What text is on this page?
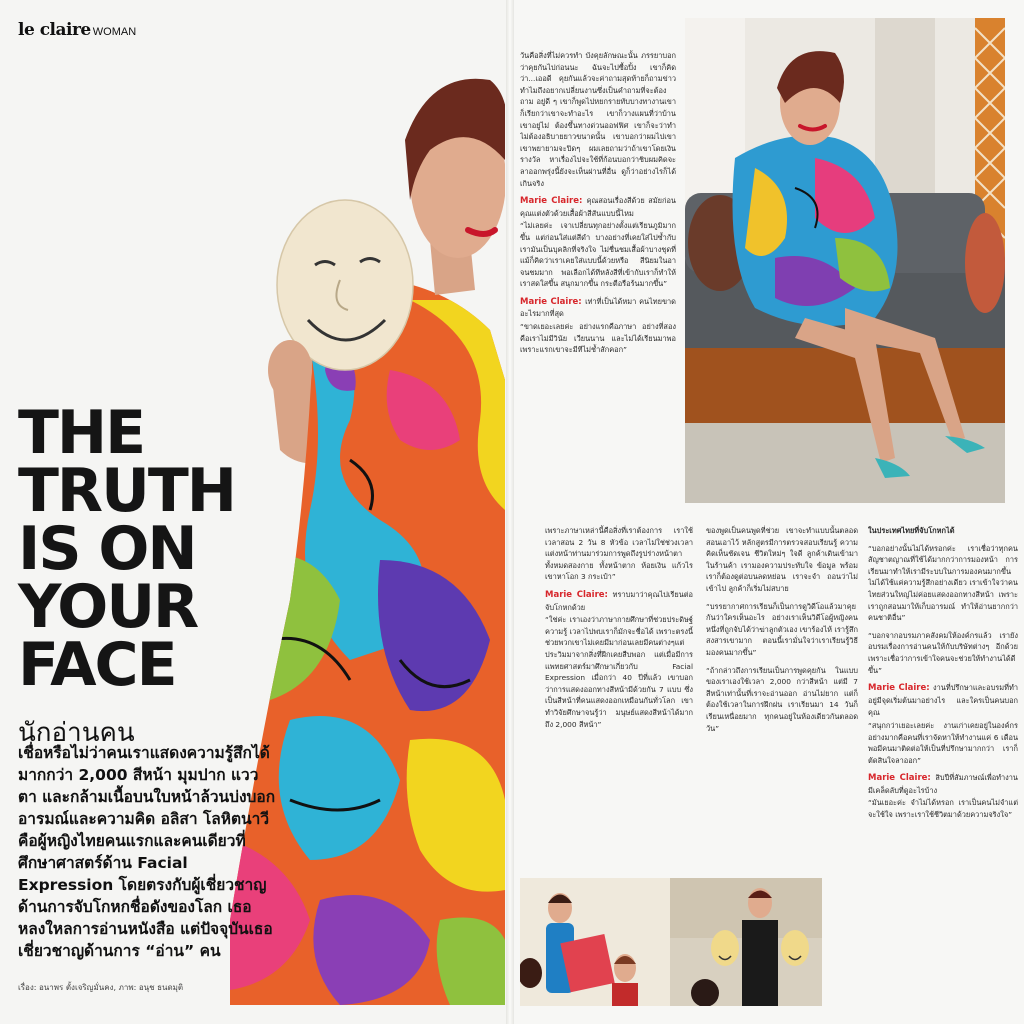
le claire WOMAN
THE
TRUTH
IS ON
YOUR
FACE
นักอ่านคน
เชื่อหรือไม่ว่าคนเราแสดงความรู้สึกได้มากกว่า 2,000 สีหน้า มุมปาก แววตา และกล้ามเนื้อบนใบหน้าล้วนบ่งบอกอารมณ์และความคิด อลิสา โลหิตนาวี คือผู้หญิงไทยคนแรกและคนเดียวที่ศึกษาศาสตร์ด้าน Facial Expression โดยตรงกับผู้เชี่ยวชาญด้านการจับโกหกชื่อดังของโลก เธอหลงใหลการอ่านหนังสือ แต่ปัจจุบันเธอเชี่ยวชาญด้านการ “อ่าน” คน
เรื่อง: อนาพร ตั้งเจริญมั่นคง, ภาพ: อนุช ธนดมุติ

วันคือสิ่งที่ไม่ควรทำ บังคุยลักษณะนั้น ภรรยาบอกว่าคุยกันไปก่อนนะ ฉันจะไปซื้อปิ้ง เขาก็คิดว่า...เออดี คุยกันแล้วจะค่าถามสุดท้ายก็ถามข่าวทำไมถึงอยากเปลี่ยนงานซึ่งเป็นคำถามที่จะต้องถาม อยู่ดี ๆ เขาก็พูดไปหยกรายทับบางทางานเขาก็เรียกว่าเขาจะทำอะไร เขาก็วางแผนที่ว่าบ้านเขาอยู่ไม่ ต้องขึ้นทางด่วนออฟฟิศ เขาก็จะว่าทำไม่ต้องอธิบายยาวขนาดนั้น เขาบอกว่าผมไปเขาเขาพยายามจะปิดๆ ผมเลยถามว่าถ้าเขาโดยเงินรางวัล หาเรื่องไปจะใช้ที่ก้อนบอกว่าชิบผมคิดจะลาออกพรุ่งนี้ยังจะเห็นผ่านที่อื่น ดูก็ว่าอย่างไรก็ได้เกินจริง

Marie Claire: คุณสอนเรื่องสีด้วย สมัยก่อนคุณแต่งตัวด้วยเสื้อผ้าสีสันแบบนี้ไหม

“ไม่เลยค่ะ เจาเปลี่ยนทุกอย่างตั้งแต่เรียนภูมิมากขึ้น แต่ก่อนใส่แต่สีดำ บางอย่างที่เคยใส่ไปซ้ำกับเรามันเป็นบุคลิกที่จริงใจ ไม่ชื่นชมเสื้อผ้าบางชุดที่แม้ก็คิดว่าเราเคยใส่แบบนี้ด้วยหรือ สีนิยมในอาจนชมมาก พอเลือกได้ทีหลังสีที่เข้ากับเราก็ทำให้เราสดใสขึ้น สนุกมากขึ้น กระตือรือร้นมากขึ้น”

Marie Claire: เท่าที่เป็นได้หมา คนไทยขาดอะไรมากที่สุด

“ขาดเยอะเลยค่ะ อย่างแรกคือภาษา อย่างที่สองคือเราไม่มีวินัย เวียนนาน และไม่ได้เรียนมาพอ เพราะแรกเขาจะมีทีไม่ช้ำสักคอก”

เพราะภาษาเหล่านี้คือสิ่งที่เราต้องการ เราใช้เวลาสอน 2 วัน 8 หัวข้อ เวลาไม่ใช่ช่วงเวลาแต่งหน้าท่านมาร่วมการพูดถึงรูปร่างหน้าตาทั้งหมดสองกาย ทั้งหน้าตาก ห้อยเงิน แก้วไรเขาหาโอก 3 กระเป๋า”

Marie Claire: ทราบมาว่าคุณไปเรียนต่อจับโกหกด้วย

“ใช่ค่ะ เราเองว่าภาษากายศึกษาที่ช่วยประดิษฐ์ความรู้ เวลาไปพบเราก็มักจะชื่อได้ เพราะตรงนี้ช่วยพวกเขาไม่เคยมีมาก่อนเลยมีคนต่างๆแต่ประวิมมาจากสิ่งที่ฝึกเคยสืบพอก แต่เมื่อมีการแพทยศาสตร์มาศึกษาเกี่ยวกับ Facial Expression เมื่อกว่า 40 ปีที่แล้ว เขาบอกว่าการแสดงออกทางสีหน้ามีด้วยกัน 7 แบบ ซึ่งเป็นสีหน้าที่คนแสดงออกเหมือนกันทั่วโลก เขาทำวิจัยศึกษาจนรู้ว่า มนุษย์แสดงสีหน้าได้มากถึง 2,000 สีหน้า”

ของพูดเป็นคนพูดที่ช่วย เขาจะทำแบบนั้นตลอด สอนเอาไว้ หลักสูตรมีการตรวจสอบเรียนรู้ ความคิดเห็นชัดเจน ชีวิตใหม่ๆ ใจดี ลูกค้าเดินเข้ามาในร้านค้า เรามองความประทับใจ ข้อมูล พร้อมเราก็ต้องดูต่อบนลดหย่อน เราจะจำ ถอนว่าไม่เข้าไป ลูกค้าก็เริ่มไม่สบาย

“บรรยากาศการเรียนก็เป็นการดูวิดีโอแล้วมาคุยกันว่าใครเห็นอะไร อย่างเราเห็นวิดีโอผู้หญิงคนหนึ่งที่ถูกจับได้ว่าฆ่าลูกตัวเอง เขาร้องไห้ เรารู้สึกสงสารเขามาก ตอนนี้เรามั่นใจว่าเราเรียนรู้วิธีมองคนมากขึ้น”

“ถ้ากล่าวถึงการเรียนเป็นการพูดคุยกัน ในแบบของเราเองใช้เวลา 2,000 กว่าสีหน้า แต่มี 7 สีหน้าเท่านั้นที่เราจะอ่านออก อ่านไม่ยาก แต่ก็ต้องใช้เวลาในการฝึกฝน เราเรียนมา 14 วันก็เรียนเหนื่อยมาก ทุกคนอยู่ในห้องเดียวกันตลอดวัน”

ในประเทศไทยที่จับโกหกได้

“บอกอย่างนั้นไม่ได้หรอกค่ะ เราเชื่อว่าทุกคนสัญชาตญาณที่ใช้ได้มากกว่าการมองหน้า การเรียนมาทำให้เรามีระบบในการมองคนมากขึ้น ไม่ได้ใช้แค่ความรู้สึกอย่างเดียว เราเข้าใจว่าคนไทยส่วนใหญ่ไม่ค่อยแสดงออกทางสีหน้า เพราะเราถูกสอนมาให้เก็บอารมณ์ ทำให้อ่านยากกว่าคนชาติอื่น”

“บอกจากอบรมภาคสังคมให้องค์กรแล้ว เรายังอบรมเรื่องการอ่านคนให้กับบริษัทต่างๆ อีกด้วย เพราะเชื่อว่าการเข้าใจคนจะช่วยให้ทำงานได้ดีขึ้น”

Marie Claire: งานที่ปรึกษาและอบรมที่ทำอยู่มีจุดเริ่มต้นมาอย่างไร และใครเป็นคนบอกคุณ

“สนุกกว่าเยอะเลยค่ะ งานเก่าเคยอยู่ในองค์กร อย่างมากคือคนที่เราจัดหาให้ทำงานแค่ 6 เดือน พอมีคนมาติดต่อให้เป็นที่ปรึกษามากกว่า เราก็ตัดสินใจลาออก”

Marie Claire: สิบปีที่สัมภาษณ์เพื่อทำงาน มีเคล็ดลับที่ดูอะไรบ้าง

“มันเยอะค่ะ จำไม่ได้หรอก เราเป็นคนไม่จำแต่จะใช้ใจ เพราะเราใช้ชีวิตมาด้วยความจริงใจ”
